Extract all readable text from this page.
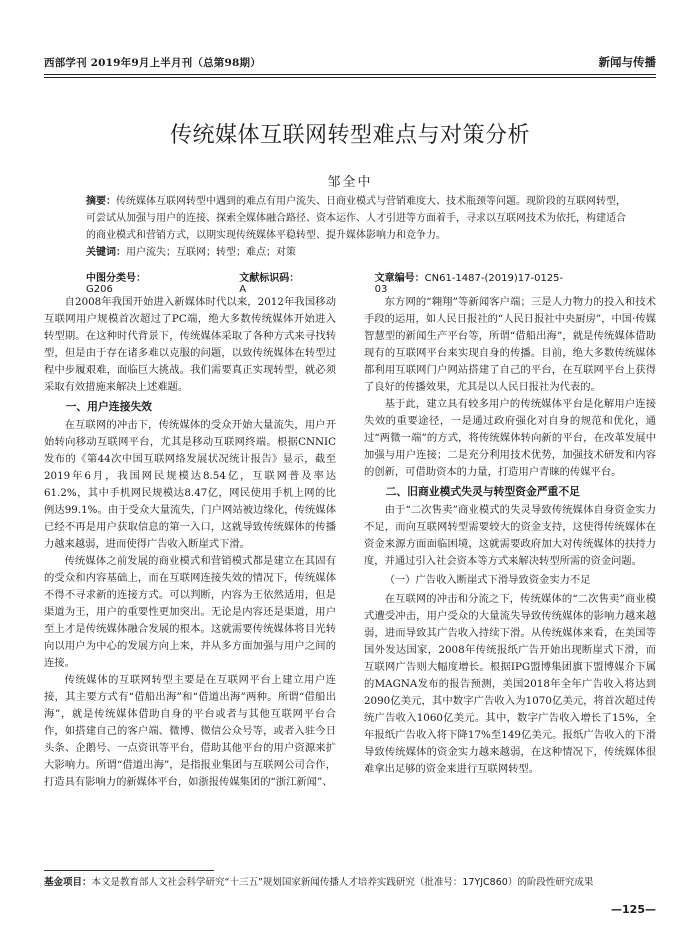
西部学刊 2019年9月上半月刊（总第98期）	新闻与传播
传统媒体互联网转型难点与对策分析
邹全中

摘要：传统媒体互联网转型中遇到的难点有用户流失、日商业模式与营销难度大、技术瓶颈等问题。现阶段的互联网转型，可尝试从加强与用户的连接、探索全媒体融合路径、资本运作、人才引进等方面着手，寻求以互联网技术为依托，构建适合的商业模式和营销方式，以期实现传统媒体平稳转型、提升媒体影响力和竞争力。

关键词：用户流失；互联网；转型；难点；对策

中图分类号：G206
文献标识码：A
文章编号：CN61-1487-(2019)17-0125-03

自2008年我国开始进入新媒体时代以来，2012年我国移动互联网用户规模首次超过了PC端，绝大多数传统媒体开始进入转型期。在这种时代背景下，传统媒体采取了各种方式来寻找转型，但是由于存在诸多难以克服的问题，以致传统媒体在转型过程中步履艰难，面临巨大挑战。我们需要真正实现转型，就必须采取有效措施来解决上述难题。

一、用户连接失效

在互联网的冲击下，传统媒体的受众开始大量流失，用户开始转向移动互联网平台，尤其是移动互联网终端。根据CNNIC发布的《第44次中国互联网络发展状况统计报告》显示，截至2019年6月，我国网民规模达8.54亿，互联网普及率达61.2%，其中手机网民规模达8.47亿，网民使用手机上网的比例达99.1%。由于受众大量流失，门户网站被边缘化，传统媒体已经不再是用户获取信息的第一入口，这就导致传统媒体的传播力越来越弱，进而使得广告收入断崖式下滑。

传统媒体之前发展的商业模式和营销模式都是建立在其固有的受众和内容基础上，而在互联网连接失效的情况下，传统媒体不得不寻求新的连接方式。可以判断，内容为王依然适用，但是渠道为王，用户的重要性更加突出。无论是内容还是渠道，用户至上才是传统媒体融合发展的根本。这就需要传统媒体将目光转向以用户为中心的发展方向上来，并从多方面加强与用户之间的连接。

传统媒体的互联网转型主要是在互联网平台上建立用户连接，其主要方式有“借船出海”和“借道出海”两种。所谓“借船出海”，就是传统媒体借助自身的平台或者与其他互联网平台合作，如搭建自己的客户端、微博、微信公众号等，或者入驻今日头条、企鹅号、一点资讯等平台，借助其他平台的用户资源来扩大影响力。所谓“借道出海”，是指报业集团与互联网公司合作，打造具有影响力的新媒体平台，如浙报传媒集团的“浙江新闻”、

东方网的“翱翔”等新闻客户端；三是人力物力的投入和技术手段的运用，如人民日报社的“人民日报社中央厨房”，中国·传媒智慧型的新闻生产平台等，所谓“借船出海”，就是传统媒体借助现有的互联网平台来实现自身的传播。目前，绝大多数传统媒体都利用互联网门户网站搭建了自己的平台，在互联网平台上获得了良好的传播效果，尤其是以人民日报社为代表的。

基于此，建立具有较多用户的传统媒体平台是化解用户连接失效的重要途径，一是通过政府强化对自身的规范和优化，通过“两微一端”的方式，将传统媒体转向新的平台，在改革发展中加强与用户连接；二是充分利用技术优势，加强技术研发和内容的创新，可借助资本的力量，打造用户青睐的传媒平台。

二、旧商业模式失灵与转型资金严重不足

由于“二次售卖”商业模式的失灵导致传统媒体自身资金实力不足，而向互联网转型需要较大的资金支持，这使得传统媒体在资金来源方面面临困境，这就需要政府加大对传统媒体的扶持力度，并通过引入社会资本等方式来解决转型所需的资金问题。

（一）广告收入断崖式下滑导致资金实力不足

在互联网的冲击和分流之下，传统媒体的“二次售卖”商业模式遭受冲击，用户受众的大量流失导致传统媒体的影响力越来越弱，进而导致其广告收入持续下滑。从传统媒体来看，在美国等国外发达国家，2008年传统报纸广告开始出现断崖式下滑，而互联网广告则大幅度增长。根据IPG盟博集团旗下盟博媒介下属的MAGNA发布的报告预测，美国2018年全年广告收入将达到2090亿美元，其中数字广告收入为1070亿美元，将首次超过传统广告收入1060亿美元。其中，数字广告收入增长了15%，全年报纸广告收入将下降17%至149亿美元。报纸广告收入的下滑导致传统媒体的资金实力越来越弱，在这种情况下，传统媒体很难拿出足够的资金来进行互联网转型。

基金项目：本文是教育部人文社会科学研究“十三五”规划国家新闻传播人才培养实践研究（批准号：17YJC860）的阶段性研究成果
—125—
